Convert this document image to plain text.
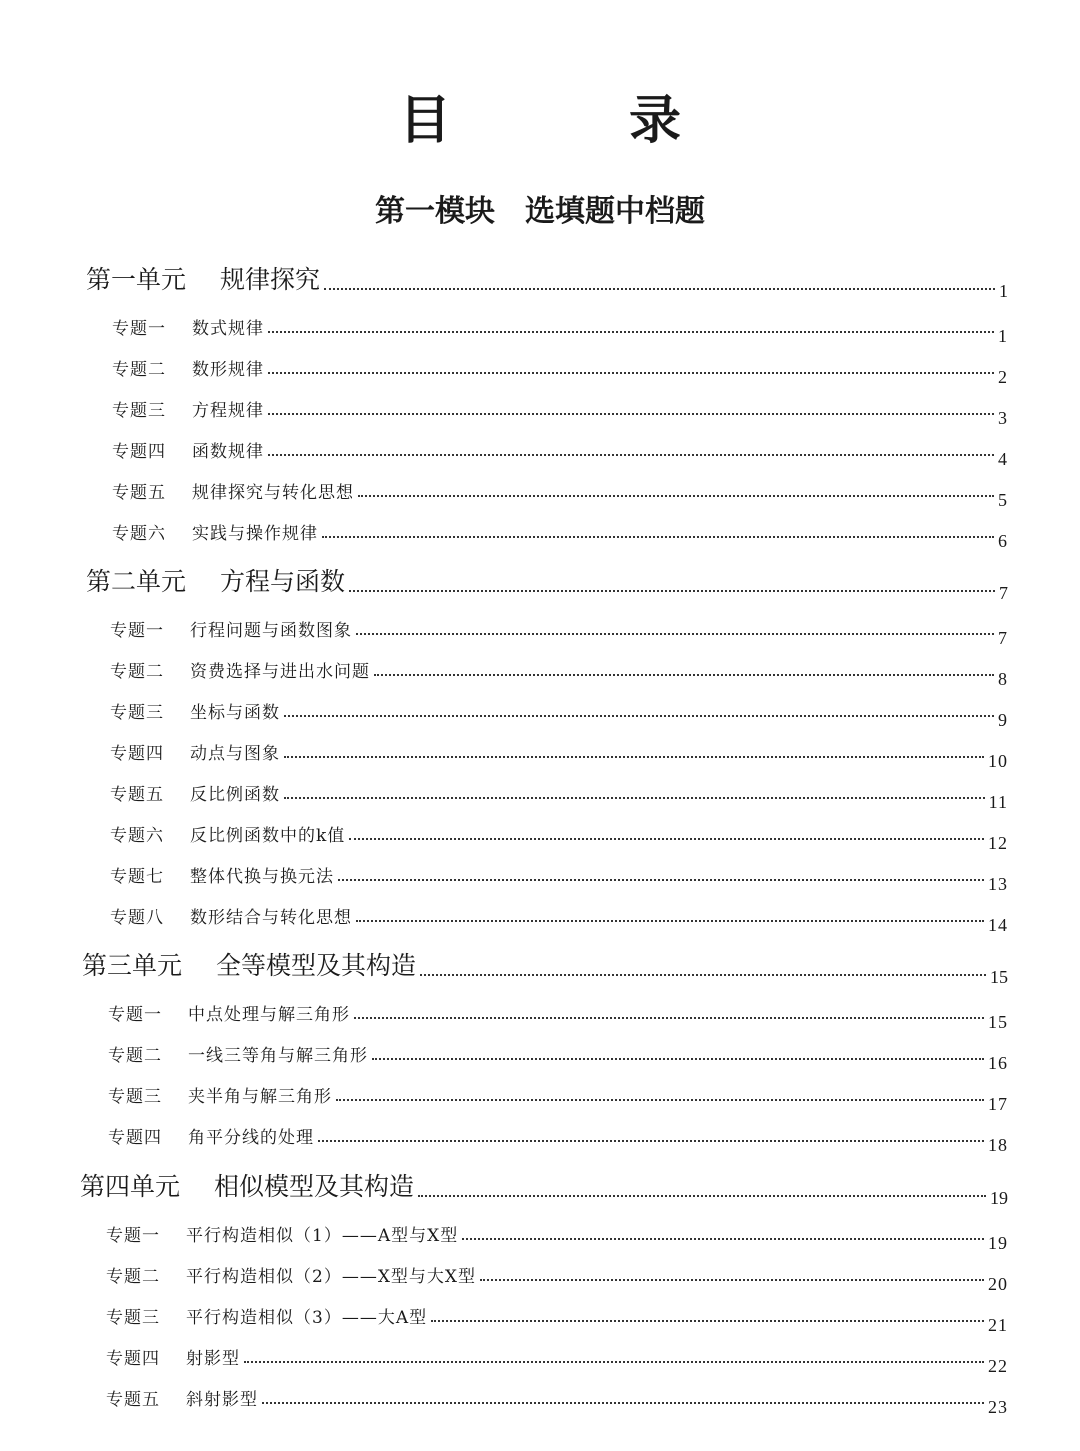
目 录
第一模块 选填题中档题
第一单元	规律探究	1
专题一	数式规律	1
专题二	数形规律	2
专题三	方程规律	3
专题四	函数规律	4
专题五	规律探究与转化思想	5
专题六	实践与操作规律	6
第二单元	方程与函数	7
专题一	行程问题与函数图象	7
专题二	资费选择与进出水问题	8
专题三	坐标与函数	9
专题四	动点与图象	10
专题五	反比例函数	11
专题六	反比例函数中的k值	12
专题七	整体代换与换元法	13
专题八	数形结合与转化思想	14
第三单元	全等模型及其构造	15
专题一	中点处理与解三角形	15
专题二	一线三等角与解三角形	16
专题三	夹半角与解三角形	17
专题四	角平分线的处理	18
第四单元	相似模型及其构造	19
专题一	平行构造相似（1）——A型与X型	19
专题二	平行构造相似（2）——X型与大X型	20
专题三	平行构造相似（3）——大A型	21
专题四	射影型	22
专题五	斜射影型	23
